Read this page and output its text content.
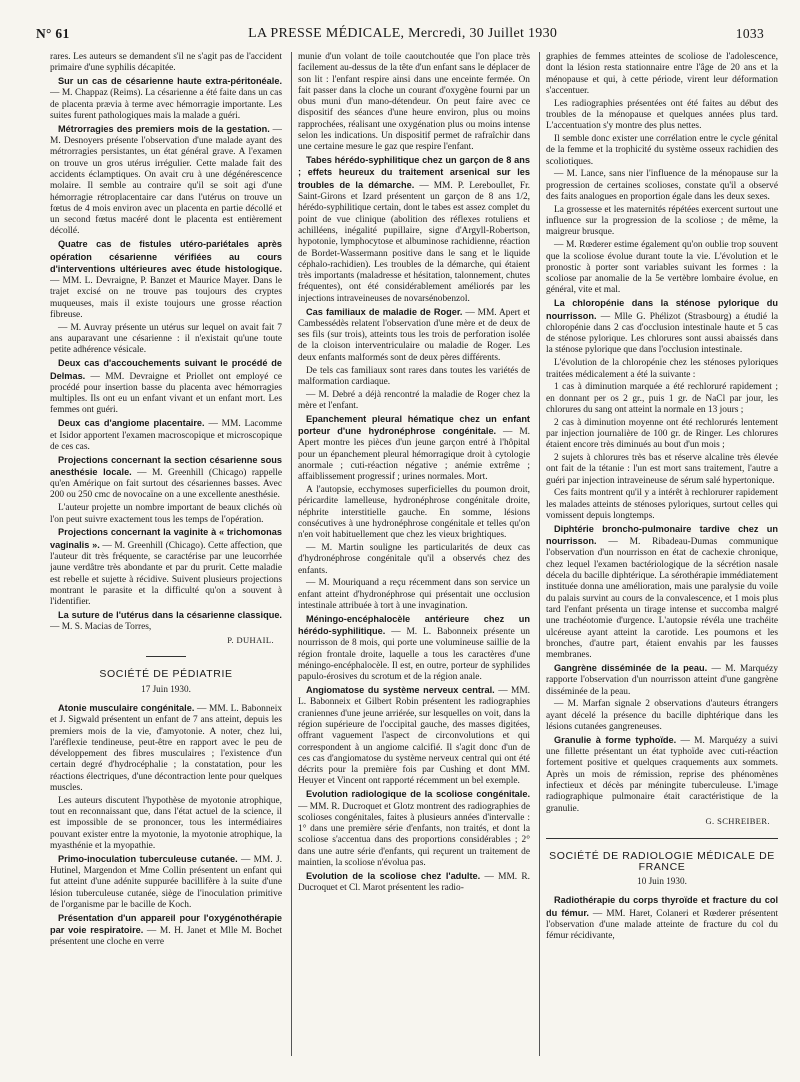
N° 61	LA PRESSE MÉDICALE, Mercredi, 30 Juillet 1930	1033

rares. Les auteurs se demandent s'il ne s'agit pas de l'accident primaire d'une syphilis décapitée.

Sur un cas de césarienne haute extra-péritonéale. — M. Chappaz (Reims). La césarienne a été faite dans un cas de placenta prævia à terme avec hémorragie importante. Les suites furent pathologiques mais la malade a guéri.

Métrorragies des premiers mois de la gestation. — M. Desnoyers présente l'observation d'une malade ayant des métrorragies persistantes, un état général grave. A l'examen on trouve un gros utérus irrégulier. Cette malade fait des accidents éclamptiques. On avait cru à une dégénérescence molaire. Il semble au contraire qu'il se soit agi d'une hémorragie rétroplacentaire car dans l'utérus on trouve un fœtus de 4 mois environ avec un placenta en partie décollé et un second fœtus macéré dont le placenta est entièrement décollé.

Quatre cas de fistules utéro-pariétales après opération césarienne vérifiées au cours d'interventions ultérieures avec étude histologique. — MM. L. Devraigne, P. Banzet et Maurice Mayer. Dans le trajet excisé on ne trouve pas toujours des cryptes muqueuses, mais il existe toujours une grosse réaction fibreuse.

— M. Auvray présente un utérus sur lequel on avait fait 7 ans auparavant une césarienne : il n'existait qu'une toute petite adhérence vésicale.

Deux cas d'accouchements suivant le procédé de Delmas. — MM. Devraigne et Priollet ont employé ce procédé pour insertion basse du placenta avec hémorragies multiples. Ils ont eu un enfant vivant et un enfant mort. Les femmes ont guéri.

Deux cas d'angiome placentaire. — MM. Lacomme et Isidor apportent l'examen macroscopique et microscopique de ces cas.

Projections concernant la section césarienne sous anesthésie locale. — M. Greenhill (Chicago) rappelle qu'en Amérique on fait surtout des césariennes basses. Avec 200 ou 250 cmc de novocaïne on a une excellente anesthésie.

L'auteur projette un nombre important de beaux clichés où l'on peut suivre exactement tous les temps de l'opération.

Projections concernant la vaginite à « trichomonas vaginalis ». — M. Greenhill (Chicago). Cette affection, que l'auteur dit très fréquente, se caractérise par une leucorrhée jaune verdâtre très abondante et par du prurit. Cette maladie est rebelle et sujette à récidive. Suivent plusieurs projections montrant le parasite et la difficulté qu'on a souvent à l'identifier.

La suture de l'utérus dans la césarienne classique. — M. S. Macias de Torres,

P. DUHAIL.
SOCIÉTÉ DE PÉDIATRIE
17 Juin 1930.

Atonie musculaire congénitale. — MM. L. Babonneix et J. Sigwald présentent un enfant de 7 ans atteint, depuis les premiers mois de la vie, d'amyotonie. A noter, chez lui, l'aréflexie tendineuse, peut-être en rapport avec le peu de développement des fibres musculaires ; l'existence d'un certain degré d'hydrocéphalie ; la constatation, pour les réactions électriques, d'une décontraction lente pour quelques muscles.

Les auteurs discutent l'hypothèse de myotonie atrophique, tout en reconnaissant que, dans l'état actuel de la science, il est impossible de se prononcer, tous les intermédiaires pouvant exister entre la myotonie, la myotonie atrophique, la myasthénie et la myopathie.

Primo-inoculation tuberculeuse cutanée. — MM. J. Hutinel, Margendon et Mme Collin présentent un enfant qui fut atteint d'une adénite suppurée bacillifère à la suite d'une lésion tuberculeuse cutanée, siège de l'inoculation primitive de l'organisme par le bacille de Koch.

Présentation d'un appareil pour l'oxygénothérapie par voie respiratoire. — M. H. Janet et Mlle M. Bochet présentent une cloche en verre

munie d'un volant de toile caoutchoutée que l'on place très facilement au-dessus de la tête d'un enfant sans le déplacer de son lit : l'enfant respire ainsi dans une enceinte fermée. On fait passer dans la cloche un courant d'oxygène fourni par un obus muni d'un mano-détendeur. On peut faire avec ce dispositif des séances d'une heure environ, plus ou moins rapprochées, réalisant une oxygénation plus ou moins intense selon les indications. Un dispositif permet de rafraîchir dans une certaine mesure le gaz que respire l'enfant.

Tabes hérédo-syphilitique chez un garçon de 8 ans ; effets heureux du traitement arsenical sur les troubles de la démarche. — MM. P. Lereboullet, Fr. Saint-Girons et Izard présentent un garçon de 8 ans 1/2, hérédo-syphilitique certain, dont le tabes est assez complet du point de vue clinique (abolition des réflexes rotuliens et achilléens, inégalité pupillaire, signe d'Argyll-Robertson, hypotonie, lymphocytose et albuminose rachidienne, réaction de Bordet-Wassermann positive dans le sang et le liquide céphalo-rachidien). Les troubles de la démarche, qui étaient très importants (maladresse et hésitation, talonnement, chutes fréquentes), ont été considérablement améliorés par les injections intraveineuses de novarsénobenzol.

Cas familiaux de maladie de Roger. — MM. Apert et Cambessédès relatent l'observation d'une mère et de deux de ses fils (sur trois), atteints tous les trois de perforation isolée de la cloison interventriculaire ou maladie de Roger. Les deux enfants malformés sont de deux pères différents.

De tels cas familiaux sont rares dans toutes les variétés de malformation cardiaque.

— M. Debré a déjà rencontré la maladie de Roger chez la mère et l'enfant.

Epanchement pleural hématique chez un enfant porteur d'une hydronéphrose congénitale. — M. Apert montre les pièces d'un jeune garçon entré à l'hôpital pour un épanchement pleural hémorragique droit à cytologie anormale ; cuti-réaction négative ; anémie extrême ; affaiblissement progressif ; urines normales. Mort.

A l'autopsie, ecchymoses superficielles du poumon droit, péricardite lamelleuse, hydronéphrose congénitale droite, néphrite interstitielle gauche. En somme, lésions consécutives à une hydronéphrose congénitale et telles qu'on n'en voit habituellement que chez les vieux brightiques.

— M. Martin souligne les particularités de deux cas d'hydronéphrose congénitale qu'il a observés chez des enfants.

— M. Mouriquand a reçu récemment dans son service un enfant atteint d'hydronéphrose qui présentait une occlusion intestinale attribuée à tort à une invagination.

Méningo-encéphalocèle antérieure chez un hérédo-syphilitique. — M. L. Babonneix présente un nourrisson de 8 mois, qui porte une volumineuse saillie de la région frontale droite, laquelle a tous les caractères d'une méningo-encéphalocèle. Il est, en outre, porteur de syphilides papulo-érosives du scrotum et de la région anale.

Angiomatose du système nerveux central. — MM. L. Babonneix et Gilbert Robin présentent les radiographies craniennes d'une jeune arriérée, sur lesquelles on voit, dans la région supérieure de l'occipital gauche, des masses digitées, offrant vaguement l'aspect de circonvolutions et qui correspondent à un angiome calcifié. Il s'agit donc d'un de ces cas d'angiomatose du système nerveux central qui ont été décrits pour la première fois par Cushing et dont MM. Heuyer et Vincent ont rapporté récemment un bel exemple.

Evolution radiologique de la scoliose congénitale. — MM. R. Ducroquet et Glotz montrent des radiographies de scolioses congénitales, faites à plusieurs années d'intervalle : 1° dans une première série d'enfants, non traités, et dont la scoliose s'accentua dans des proportions considérables ; 2° dans une autre série d'enfants, qui reçurent un traitement de maintien, la scoliose n'évolua pas.

Evolution de la scoliose chez l'adulte. — MM. R. Ducroquet et Cl. Marot présentent les radio-

graphies de femmes atteintes de scoliose de l'adolescence, dont la lésion resta stationnaire entre l'âge de 20 ans et la ménopause et qui, à cette période, virent leur déformation s'accentuer.

Les radiographies présentées ont été faites au début des troubles de la ménopause et quelques années plus tard. L'accentuation s'y montre des plus nettes.

Il semble donc exister une corrélation entre le cycle génital de la femme et la trophicité du système osseux rachidien des scoliotiques.

— M. Lance, sans nier l'influence de la ménopause sur la progression de certaines scolioses, constate qu'il a observé des faits analogues en proportion égale dans les deux sexes.

La grossesse et les maternités répétées exercent surtout une influence sur la progression de la scoliose ; de même, la maigreur brusque.

— M. Rœderer estime également qu'on oublie trop souvent que la scoliose évolue durant toute la vie. L'évolution et le pronostic à porter sont variables suivant les formes : la scoliose par anomalie de la 5e vertèbre lombaire évolue, en général, vite et mal.

La chloropénie dans la sténose pylorique du nourrisson. — Mlle G. Phélizot (Strasbourg) a étudié la chloropénie dans 2 cas d'occlusion intestinale haute et 5 cas de sténose pylorique. Les chlorures sont aussi abaissés dans la sténose pylorique que dans l'occlusion intestinale.

L'évolution de la chloropénie chez les sténoses pyloriques traitées médicalement a été la suivante :

1 cas à diminution marquée a été rechloruré rapidement ; en donnant per os 2 gr., puis 1 gr. de NaCl par jour, les chlorures du sang ont atteint la normale en 13 jours ;

2 cas à diminution moyenne ont été rechlorurés lentement par injection journalière de 100 gr. de Ringer. Les chlorures étaient encore très diminués au bout d'un mois ;

2 sujets à chlorures très bas et réserve alcaline très élevée ont fait de la tétanie : l'un est mort sans traitement, l'autre a guéri par injection intraveineuse de sérum salé hypertonique.

Ces faits montrent qu'il y a intérêt à rechlorurer rapidement les malades atteints de sténoses pyloriques, surtout celles qui vomissent depuis longtemps.

Diphtérie broncho-pulmonaire tardive chez un nourrisson. — M. Ribadeau-Dumas communique l'observation d'un nourrisson en état de cachexie chronique, chez lequel l'examen bactériologique de la sécrétion nasale décela du bacille diphtérique. La sérothérapie immédiatement instituée donna une amélioration, mais une paralysie du voile du palais survint au cours de la convalescence, et 1 mois plus tard l'enfant présenta un tirage intense et succomba malgré une trachéotomie d'urgence. L'autopsie révéla une trachéite ulcéreuse ayant atteint la carotide. Les poumons et les bronches, d'autre part, étaient envahis par les fausses membranes.

Gangrène disséminée de la peau. — M. Marquézy rapporte l'observation d'un nourrisson atteint d'une gangrène disséminée de la peau.

— M. Marfan signale 2 observations d'auteurs étrangers ayant décelé la présence du bacille diphtérique dans les lésions cutanées gangreneuses.

Granulie à forme typhoïde. — M. Marquézy a suivi une fillette présentant un état typhoïde avec cuti-réaction fortement positive et quelques craquements aux sommets. Après un mois de rémission, reprise des phénomènes infectieux et décès par méningite tuberculeuse. L'image radiographique pulmonaire était caractéristique de la granulie.

G. SCHREIBER.
SOCIÉTÉ DE RADIOLOGIE MÉDICALE DE FRANCE
10 Juin 1930.

Radiothérapie du corps thyroïde et fracture du col du fémur. — MM. Haret, Colaneri et Rœderer présentent l'observation d'une malade atteinte de fracture du col du fémur récidivante,
